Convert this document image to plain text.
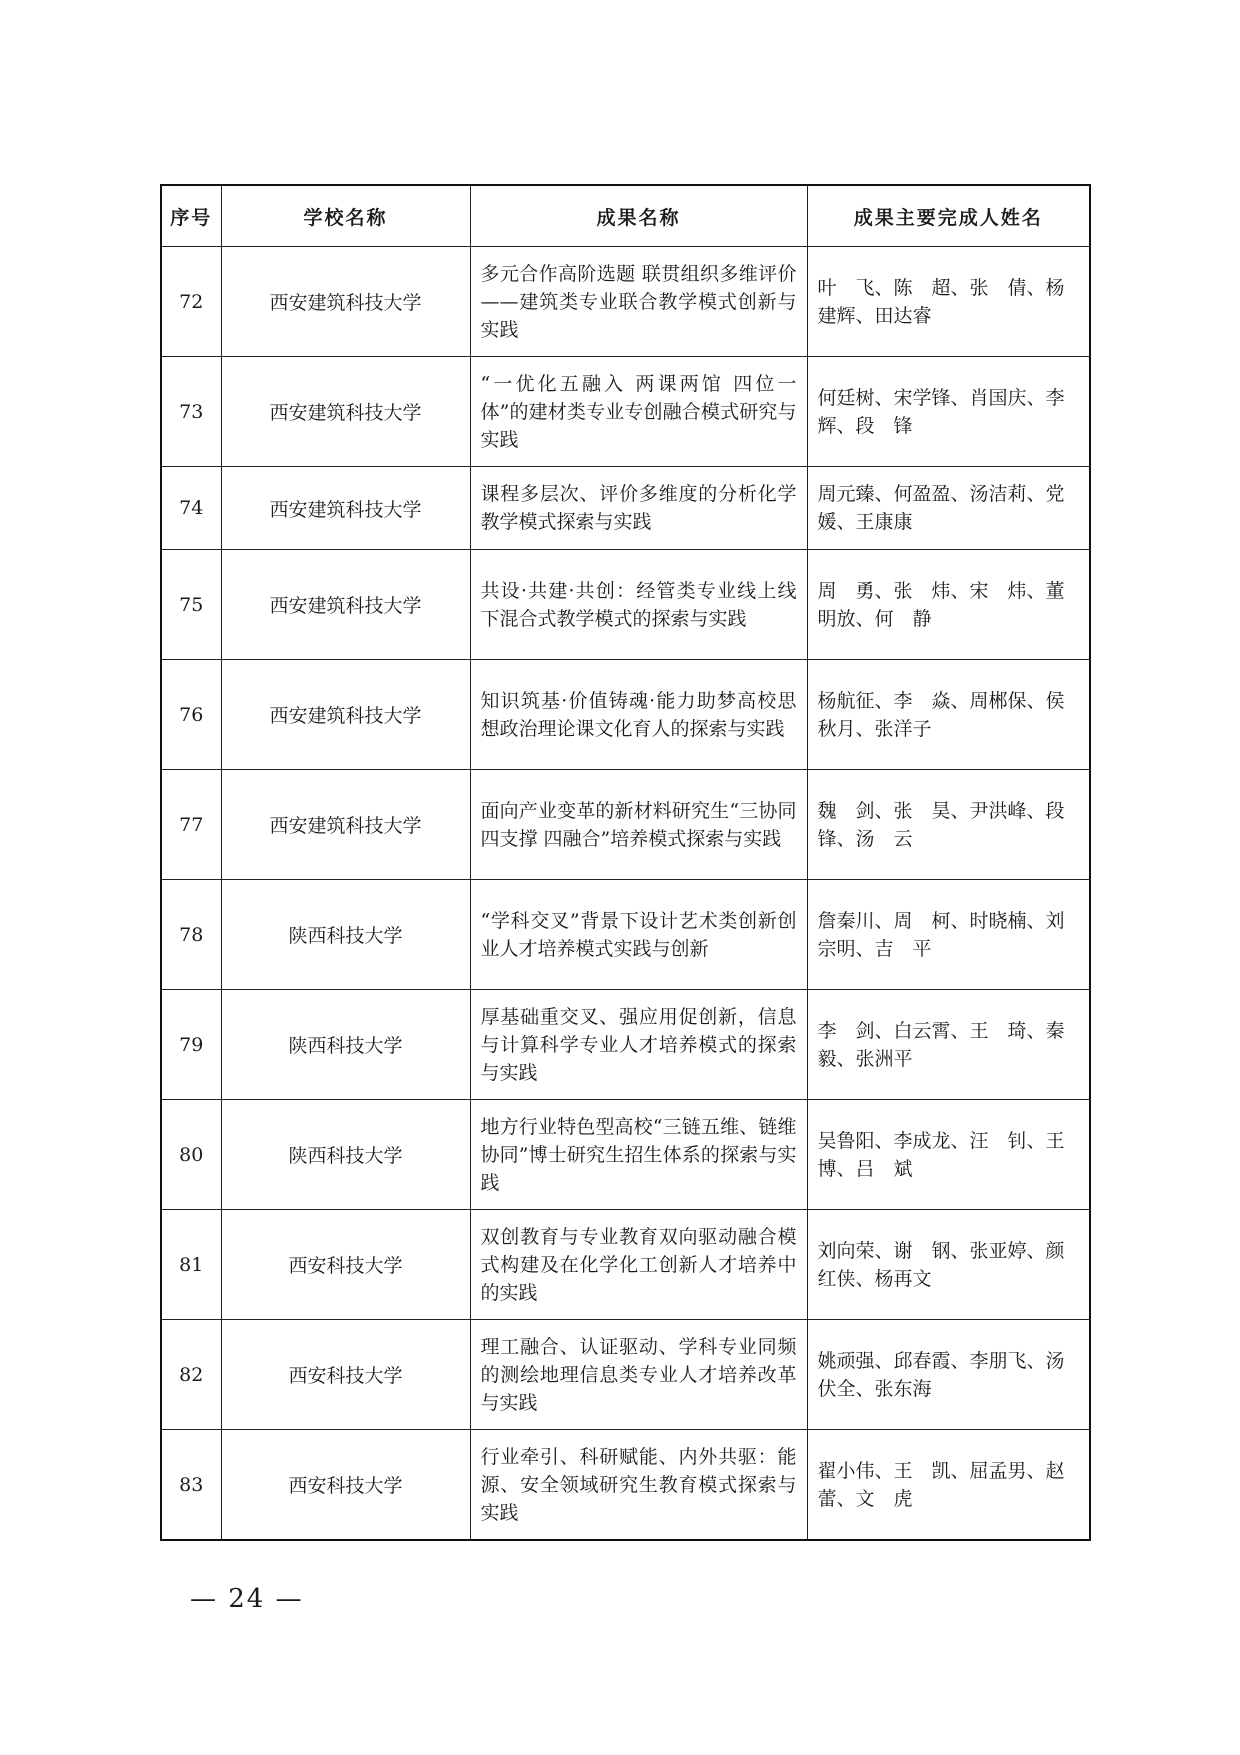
序号	学校名称	成果名称	成果主要完成人姓名
72	西安建筑科技大学	多元合作高阶选题 联贯组织多维评价——建筑类专业联合教学模式创新与实践	叶　飞、陈　超、张　倩、杨建辉、田达睿
73	西安建筑科技大学	“一优化五融入 两课两馆 四位一体”的建材类专业专创融合模式研究与实践	何廷树、宋学锋、肖国庆、李　辉、段　锋
74	西安建筑科技大学	课程多层次、评价多维度的分析化学教学模式探索与实践	周元臻、何盈盈、汤洁莉、党　媛、王康康
75	西安建筑科技大学	共设·共建·共创：经管类专业线上线下混合式教学模式的探索与实践	周　勇、张　炜、宋　炜、董明放、何　静
76	西安建筑科技大学	知识筑基·价值铸魂·能力助梦高校思想政治理论课文化育人的探索与实践	杨航征、李　焱、周郴保、侯秋月、张洋子
77	西安建筑科技大学	面向产业变革的新材料研究生“三协同 四支撑 四融合”培养模式探索与实践	魏　剑、张　昊、尹洪峰、段　锋、汤　云
78	陕西科技大学	“学科交叉”背景下设计艺术类创新创业人才培养模式实践与创新	詹秦川、周　柯、时晓楠、刘宗明、吉　平
79	陕西科技大学	厚基础重交叉、强应用促创新，信息与计算科学专业人才培养模式的探索与实践	李　剑、白云霄、王　琦、秦　毅、张洲平
80	陕西科技大学	地方行业特色型高校“三链五维、链维协同”博士研究生招生体系的探索与实践	吴鲁阳、李成龙、汪　钊、王　博、吕　斌
81	西安科技大学	双创教育与专业教育双向驱动融合模式构建及在化学化工创新人才培养中的实践	刘向荣、谢　钢、张亚婷、颜红侠、杨再文
82	西安科技大学	理工融合、认证驱动、学科专业同频的测绘地理信息类专业人才培养改革与实践	姚顽强、邱春霞、李朋飞、汤伏全、张东海
83	西安科技大学	行业牵引、科研赋能、内外共驱：能源、安全领域研究生教育模式探索与实践	翟小伟、王　凯、屈孟男、赵　蕾、文　虎
— 24 —
